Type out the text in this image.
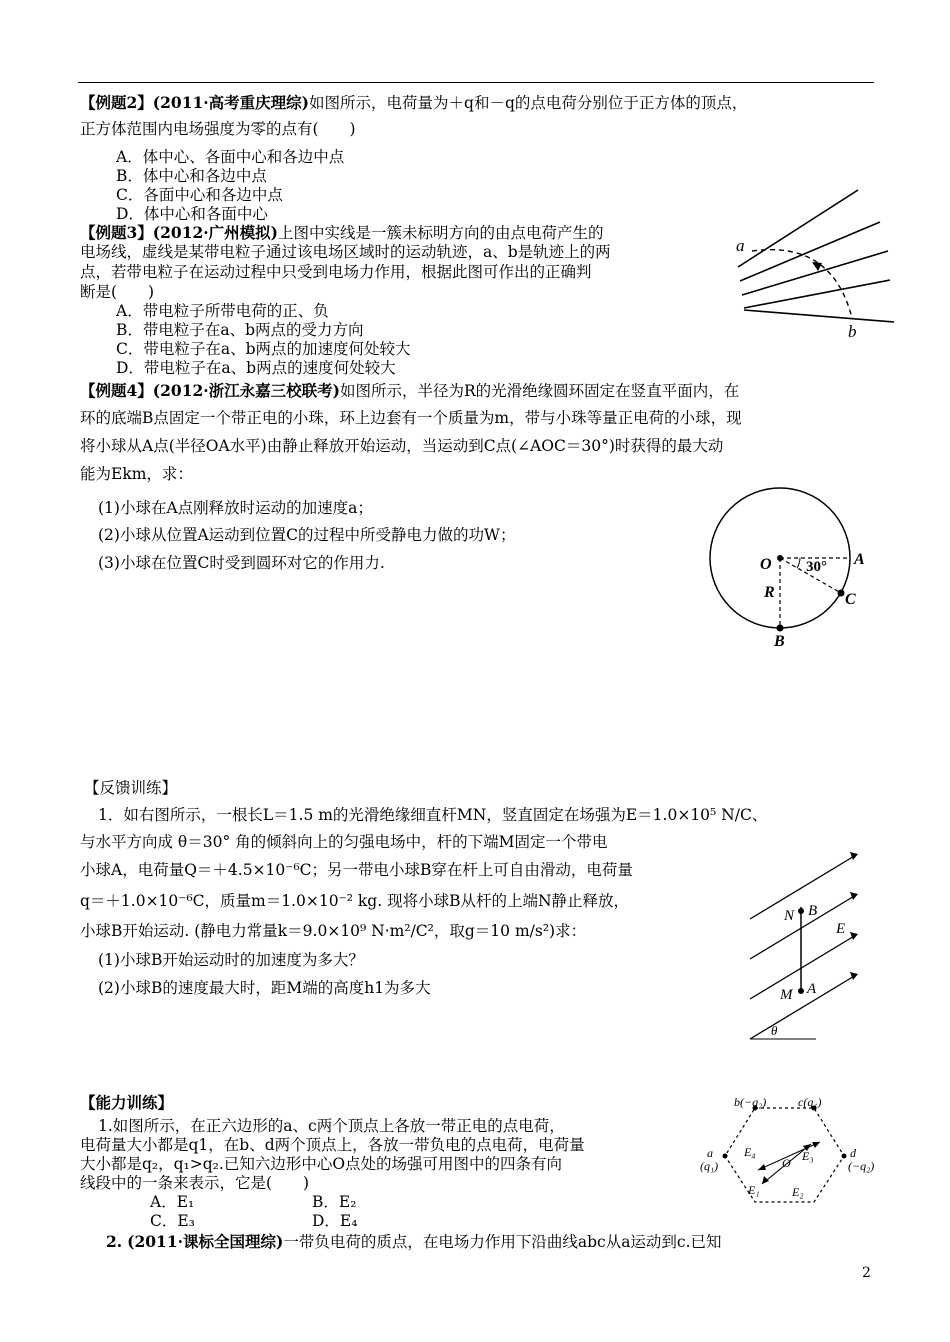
【例题2】(2011·高考重庆理综)如图所示，电荷量为＋q和－q的点电荷分别位于正方体的顶点，
正方体范围内电场强度为零的点有(　　)
A．体中心、各面中心和各边中点
B．体中心和各边中点
C．各面中心和各边中点
D．体中心和各面中心
【例题3】(2012·广州模拟)上图中实线是一簇未标明方向的由点电荷产生的
电场线，虚线是某带电粒子通过该电场区域时的运动轨迹，a、b是轨迹上的两
点，若带电粒子在运动过程中只受到电场力作用，根据此图可作出的正确判
断是(　　)
A．带电粒子所带电荷的正、负
B．带电粒子在a、b两点的受力方向
C．带电粒子在a、b两点的加速度何处较大
D．带电粒子在a、b两点的速度何处较大
a
b
【例题4】(2012·浙江永嘉三校联考)如图所示，半径为R的光滑绝缘圆环固定在竖直平面内，在
环的底端B点固定一个带正电的小珠，环上边套有一个质量为m，带与小珠等量正电荷的小球，现
将小球从A点(半径OA水平)由静止释放开始运动，当运动到C点(∠AOC＝30°)时获得的最大动
能为Ekm，求：
(1)小球在A点刚释放时运动的加速度a；
(2)小球从位置A运动到位置C的过程中所受静电力做的功W；
(3)小球在位置C时受到圆环对它的作用力.	O 30° A
C
R
B
【反馈训练】
1．如右图所示，一根长L＝1.5 m的光滑绝缘细直杆MN，竖直固定在场强为E＝1.0×10⁵ N/C、
与水平方向成 θ＝30° 角的倾斜向上的匀强电场中，杆的下端M固定一个带电
小球A，电荷量Q＝＋4.5×10⁻⁶C；另一带电小球B穿在杆上可自由滑动，电荷量
q＝＋1.0×10⁻⁶C，质量m＝1.0×10⁻² kg. 现将小球B从杆的上端N静止释放，
小球B开始运动. (静电力常量k＝9.0×10⁹ N·m²/C²，取g＝10 m/s²)求：
(1)小球B开始运动时的加速度为多大？
(2)小球B的速度最大时，距M端的高度h1为多大
N B
E
M A
θ
【能力训练】
1.如图所示，在正六边形的a、c两个顶点上各放一带正电的点电荷，
电荷量大小都是q1，在b、d两个顶点上，各放一带负电的点电荷，电荷量
大小都是q₂，q₁>q₂.已知六边形中心O点处的场强可用图中的四条有向
线段中的一条来表示，它是(　　)
A．E₁	B．E₂
C．E₃	D．E₄
2. (2011·课标全国理综)一带负电荷的质点，在电场力作用下沿曲线abc从a运动到c.已知
b(−q₂)	c(q₁)
a
(q₁)
d
(−q₂)
O
E₄	E₃
E₁	E₂
2
